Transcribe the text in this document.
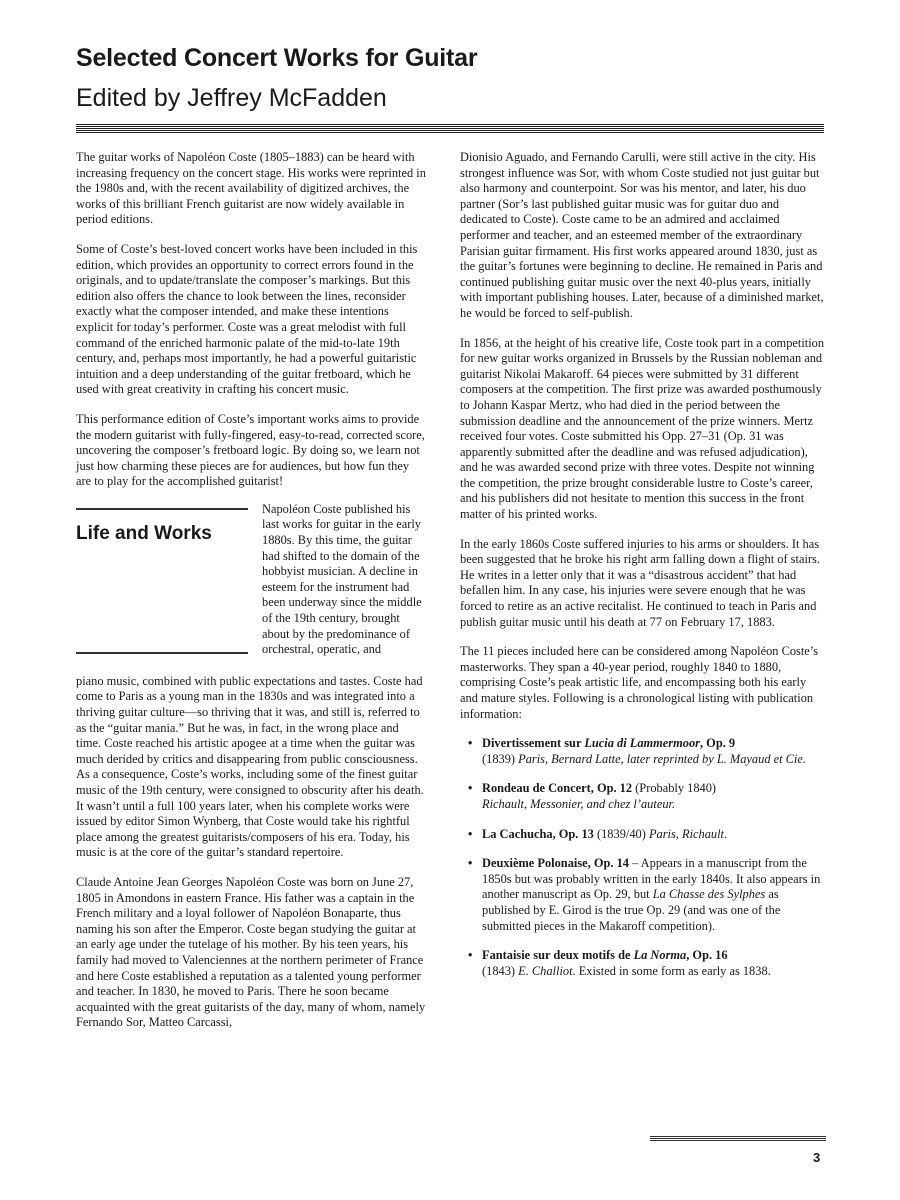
Selected Concert Works for Guitar
Edited by Jeffrey McFadden

The guitar works of Napoléon Coste (1805–1883) can be heard with increasing frequency on the concert stage. His works were reprinted in the 1980s and, with the recent availability of digitized archives, the works of this brilliant French guitarist are now widely available in period editions.

Some of Coste’s best-loved concert works have been included in this edition, which provides an opportunity to correct errors found in the originals, and to update/translate the composer’s markings. But this edition also offers the chance to look between the lines, reconsider exactly what the composer intended, and make these intentions explicit for today’s performer. Coste was a great melodist with full command of the enriched harmonic palate of the mid-to-late 19th century, and, perhaps most importantly, he had a powerful guitaristic intuition and a deep understanding of the guitar fretboard, which he used with great creativity in crafting his concert music.

This performance edition of Coste’s important works aims to provide the modern guitarist with fully-fingered, easy-to-read, corrected score, uncovering the composer’s fretboard logic. By doing so, we learn not just how charming these pieces are for audiences, but how fun they are to play for the accomplished guitarist!

Life and Works

Napoléon Coste published his last works for guitar in the early 1880s. By this time, the guitar had shifted to the domain of the hobbyist musician. A decline in esteem for the instrument had been underway since the middle of the 19th century, brought about by the predominance of orchestral, operatic, and

piano music, combined with public expectations and tastes. Coste had come to Paris as a young man in the 1830s and was integrated into a thriving guitar culture—so thriving that it was, and still is, referred to as the “guitar mania.” But he was, in fact, in the wrong place and time. Coste reached his artistic apogee at a time when the guitar was much derided by critics and disappearing from public consciousness. As a consequence, Coste’s works, including some of the finest guitar music of the 19th century, were consigned to obscurity after his death. It wasn’t until a full 100 years later, when his complete works were issued by editor Simon Wynberg, that Coste would take his rightful place among the greatest guitarists/composers of his era. Today, his music is at the core of the guitar’s standard repertoire.

Claude Antoine Jean Georges Napoléon Coste was born on June 27, 1805 in Amondons in eastern France. His father was a captain in the French military and a loyal follower of Napoléon Bonaparte, thus naming his son after the Emperor. Coste began studying the guitar at an early age under the tutelage of his mother. By his teen years, his family had moved to Valenciennes at the northern perimeter of France and here Coste established a reputation as a talented young performer and teacher. In 1830, he moved to Paris. There he soon became acquainted with the great guitarists of the day, many of whom, namely Fernando Sor, Matteo Carcassi,

Dionisio Aguado, and Fernando Carulli, were still active in the city. His strongest influence was Sor, with whom Coste studied not just guitar but also harmony and counterpoint. Sor was his mentor, and later, his duo partner (Sor’s last published guitar music was for guitar duo and dedicated to Coste). Coste came to be an admired and acclaimed performer and teacher, and an esteemed member of the extraordinary Parisian guitar firmament. His first works appeared around 1830, just as the guitar’s fortunes were beginning to decline. He remained in Paris and continued publishing guitar music over the next 40-plus years, initially with important publishing houses. Later, because of a diminished market, he would be forced to self-publish.

In 1856, at the height of his creative life, Coste took part in a competition for new guitar works organized in Brussels by the Russian nobleman and guitarist Nikolai Makaroff. 64 pieces were submitted by 31 different composers at the competition. The first prize was awarded posthumously to Johann Kaspar Mertz, who had died in the period between the submission deadline and the announcement of the prize winners. Mertz received four votes. Coste submitted his Opp. 27–31 (Op. 31 was apparently submitted after the deadline and was refused adjudication), and he was awarded second prize with three votes. Despite not winning the competition, the prize brought considerable lustre to Coste’s career, and his publishers did not hesitate to mention this success in the front matter of his printed works.

In the early 1860s Coste suffered injuries to his arms or shoulders. It has been suggested that he broke his right arm falling down a flight of stairs. He writes in a letter only that it was a “disastrous accident” that had befallen him. In any case, his injuries were severe enough that he was forced to retire as an active recitalist. He continued to teach in Paris and publish guitar music until his death at 77 on February 17, 1883.

The 11 pieces included here can be considered among Napoléon Coste’s masterworks. They span a 40-year period, roughly 1840 to 1880, comprising Coste’s peak artistic life, and encompassing both his early and mature styles. Following is a chronological listing with publication information:

• Divertissement sur Lucia di Lammermoor, Op. 9
(1839) Paris, Bernard Latte, later reprinted by L. Mayaud et Cie.
• Rondeau de Concert, Op. 12 (Probably 1840)
Richault, Messonier, and chez l’auteur.
• La Cachucha, Op. 13 (1839/40) Paris, Richault.
• Deuxième Polonaise, Op. 14 – Appears in a manuscript from the 1850s but was probably written in the early 1840s. It also appears in another manuscript as Op. 29, but La Chasse des Sylphes as published by E. Girod is the true Op. 29 (and was one of the submitted pieces in the Makaroff competition).
• Fantaisie sur deux motifs de La Norma, Op. 16
(1843) E. Challiot. Existed in some form as early as 1838.
3
